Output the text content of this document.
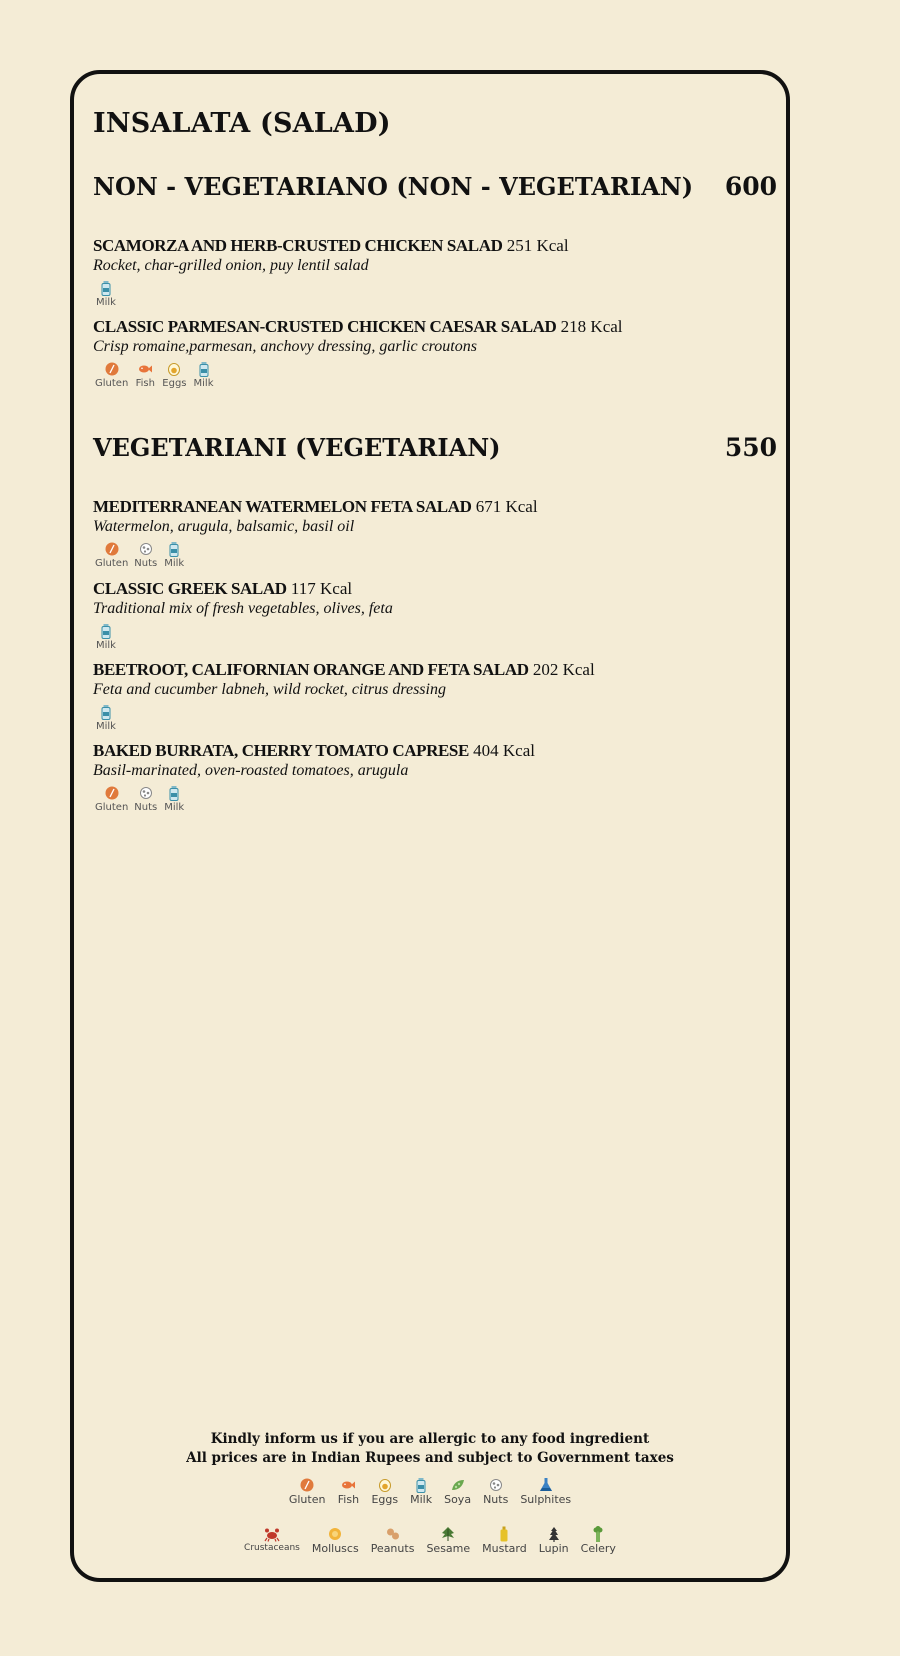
INSALATA (SALAD)
NON - VEGETARIANO (NON - VEGETARIAN) 600
SCAMORZA AND HERB-CRUSTED CHICKEN SALAD 251 Kcal
Rocket, char-grilled onion, puy lentil salad
Milk
CLASSIC PARMESAN-CRUSTED CHICKEN CAESAR SALAD 218 Kcal
Crisp romaine,parmesan, anchovy dressing, garlic croutons
Gluten Fish Eggs Milk
VEGETARIANI (VEGETARIAN)	550
MEDITERRANEAN WATERMELON FETA SALAD 671 Kcal
Watermelon, arugula, balsamic, basil oil
Gluten Nuts Milk
CLASSIC GREEK SALAD 117 Kcal
Traditional mix of fresh vegetables, olives, feta
Milk
BEETROOT, CALIFORNIAN ORANGE AND FETA SALAD 202 Kcal
Feta and cucumber labneh, wild rocket, citrus dressing
Milk
BAKED BURRATA, CHERRY TOMATO CAPRESE 404 Kcal
Basil-marinated, oven-roasted tomatoes, arugula
Gluten Nuts Milk
Kindly inform us if you are allergic to any food ingredient
All prices are in Indian Rupees and subject to Government taxes
Gluten Fish Eggs Milk Soya Nuts Sulphites
Crustaceans Molluscs Peanuts Sesame Mustard Lupin Celery
